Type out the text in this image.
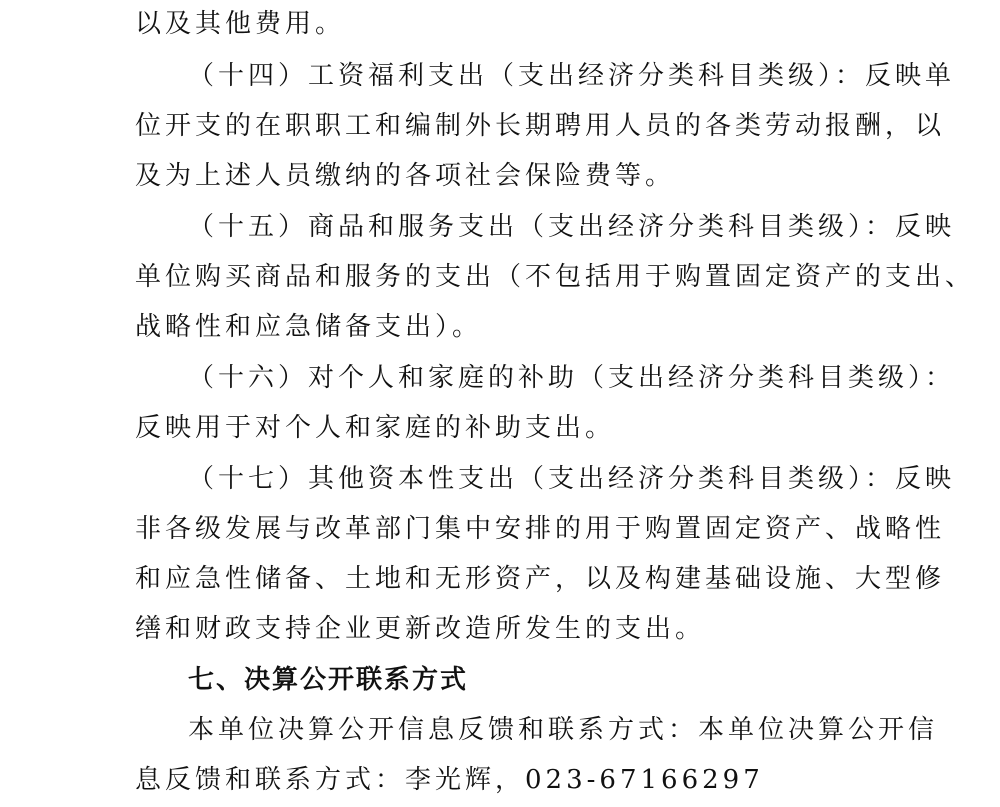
以及其他费用。
（十四）工资福利支出（支出经济分类科目类级）：反映单
位开支的在职职工和编制外长期聘用人员的各类劳动报酬，以
及为上述人员缴纳的各项社会保险费等。
（十五）商品和服务支出（支出经济分类科目类级）：反映
单位购买商品和服务的支出（不包括用于购置固定资产的支出、
战略性和应急储备支出）。
（十六）对个人和家庭的补助（支出经济分类科目类级）：
反映用于对个人和家庭的补助支出。
（十七）其他资本性支出（支出经济分类科目类级）：反映
非各级发展与改革部门集中安排的用于购置固定资产、战略性
和应急性储备、土地和无形资产，以及构建基础设施、大型修
缮和财政支持企业更新改造所发生的支出。
七、决算公开联系方式
本单位决算公开信息反馈和联系方式：本单位决算公开信
息反馈和联系方式：李光辉，023-67166297
